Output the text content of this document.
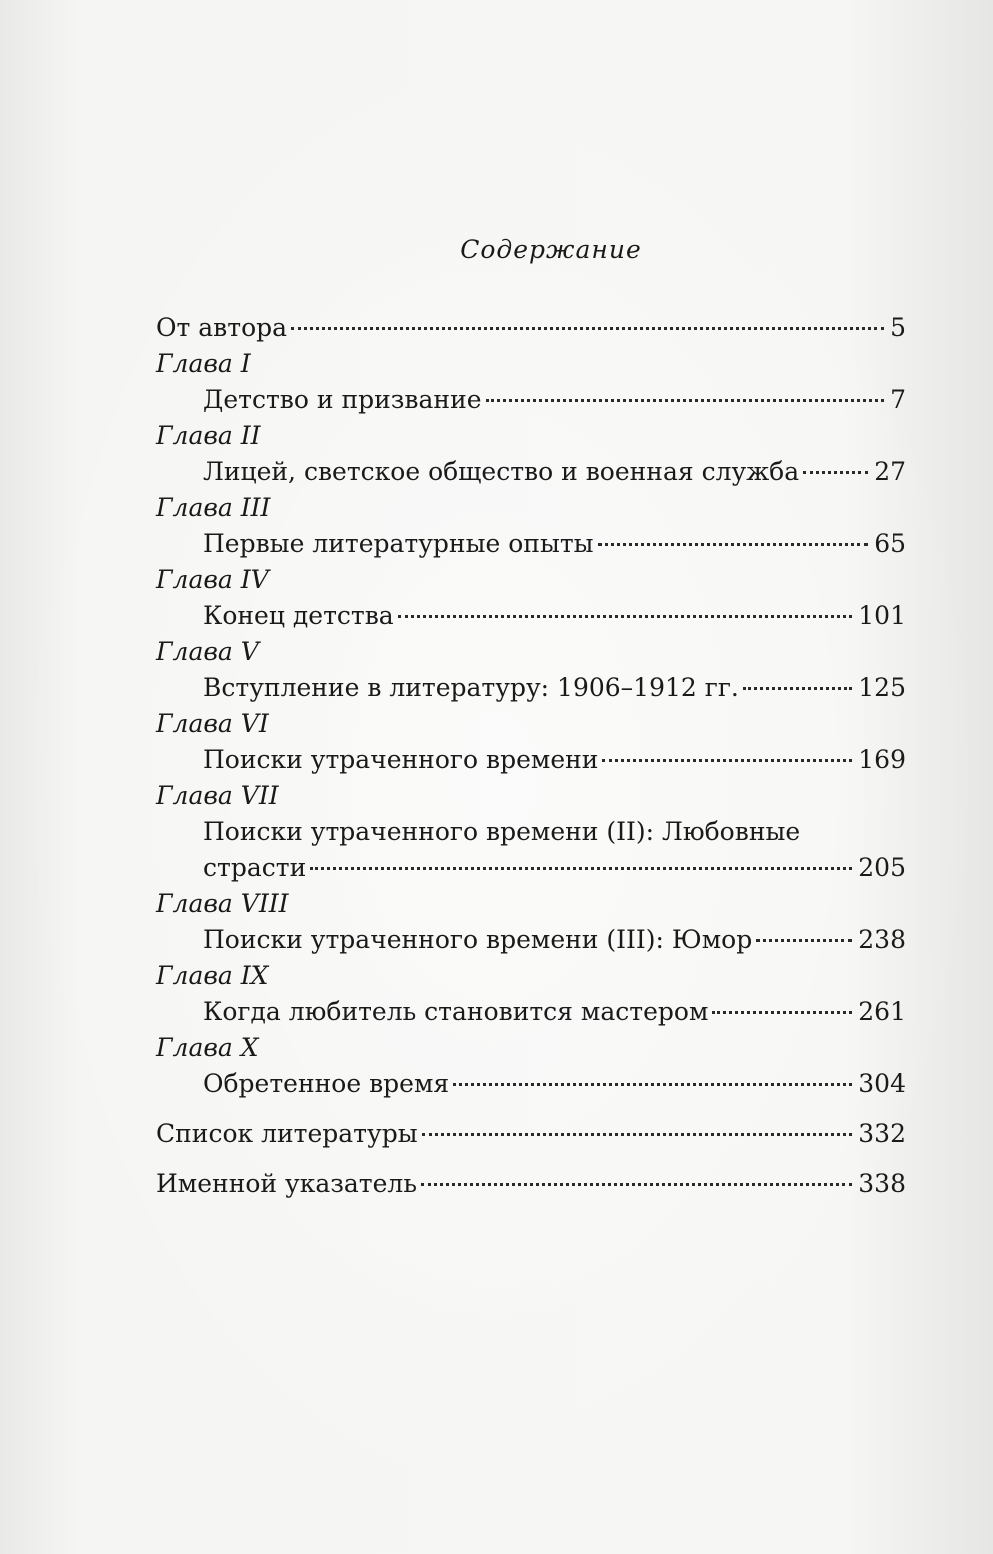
Содержание
От автора	5
Глава I
Детство и призвание	7
Глава II
Лицей, светское общество и военная служба	27
Глава III
Первые литературные опыты	65
Глава IV
Конец детства	101
Глава V
Вступление в литературу: 1906–1912 гг.	125
Глава VI
Поиски утраченного времени	169
Глава VII
Поиски утраченного времени (II): Любовные
страсти	205
Глава VIII
Поиски утраченного времени (III): Юмор	238
Глава IX
Когда любитель становится мастером	261
Глава X
Обретенное время	304
Список литературы	332
Именной указатель	338
